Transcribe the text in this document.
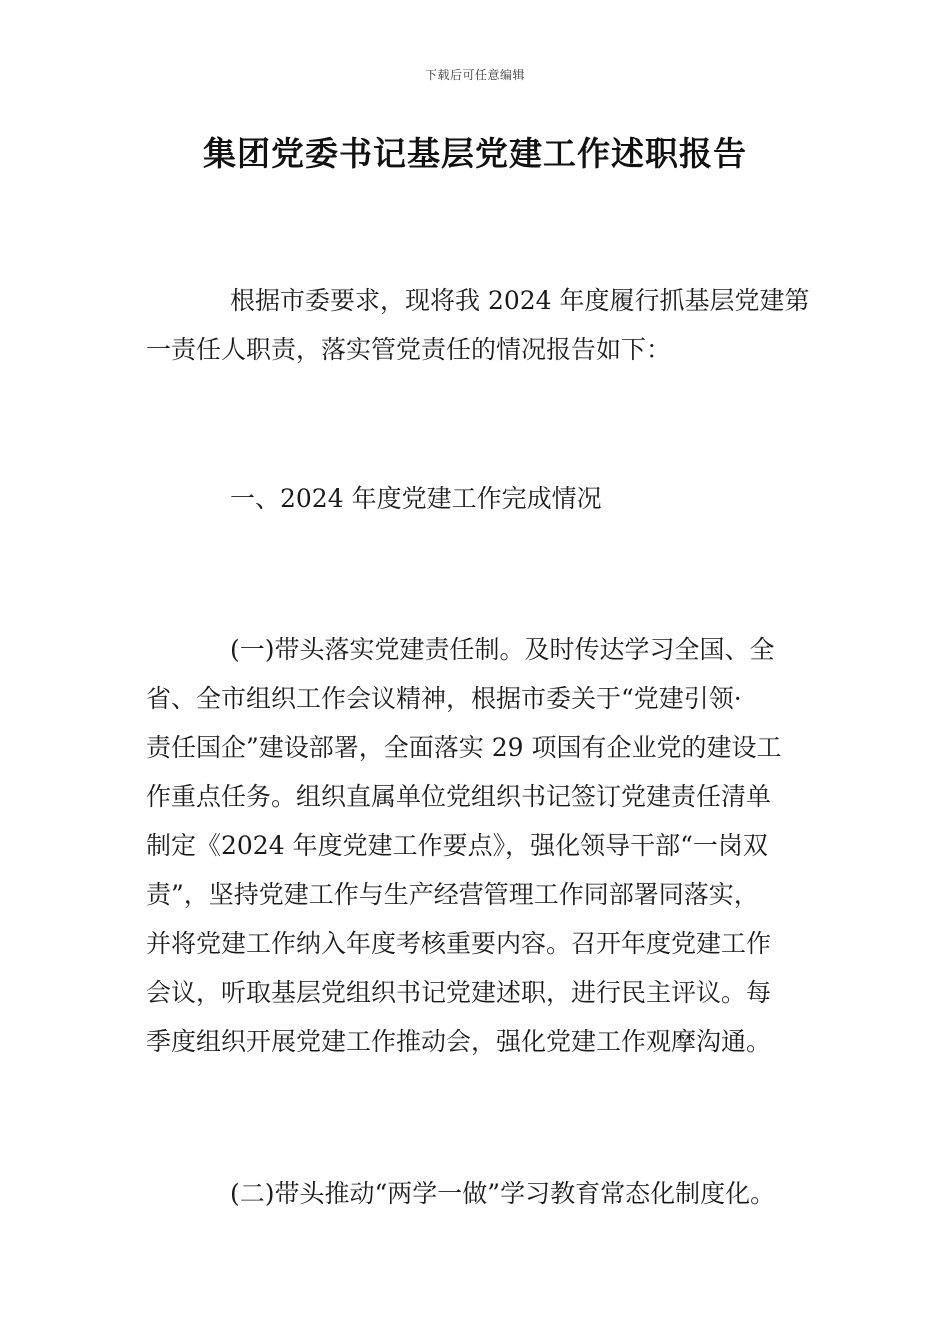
下载后可任意编辑
集团党委书记基层党建工作述职报告
根据市委要求，现将我 2024 年度履行抓基层党建第
一责任人职责，落实管党责任的情况报告如下：
一、2024 年度党建工作完成情况
(一)带头落实党建责任制。及时传达学习全国、全
省、全市组织工作会议精神，根据市委关于“党建引领·
责任国企”建设部署，全面落实 29 项国有企业党的建设工
作重点任务。组织直属单位党组织书记签订党建责任清单
制定《2024 年度党建工作要点》，强化领导干部“一岗双
责”，坚持党建工作与生产经营管理工作同部署同落实，
并将党建工作纳入年度考核重要内容。召开年度党建工作
会议，听取基层党组织书记党建述职，进行民主评议。每
季度组织开展党建工作推动会，强化党建工作观摩沟通。
(二)带头推动“两学一做”学习教育常态化制度化。
